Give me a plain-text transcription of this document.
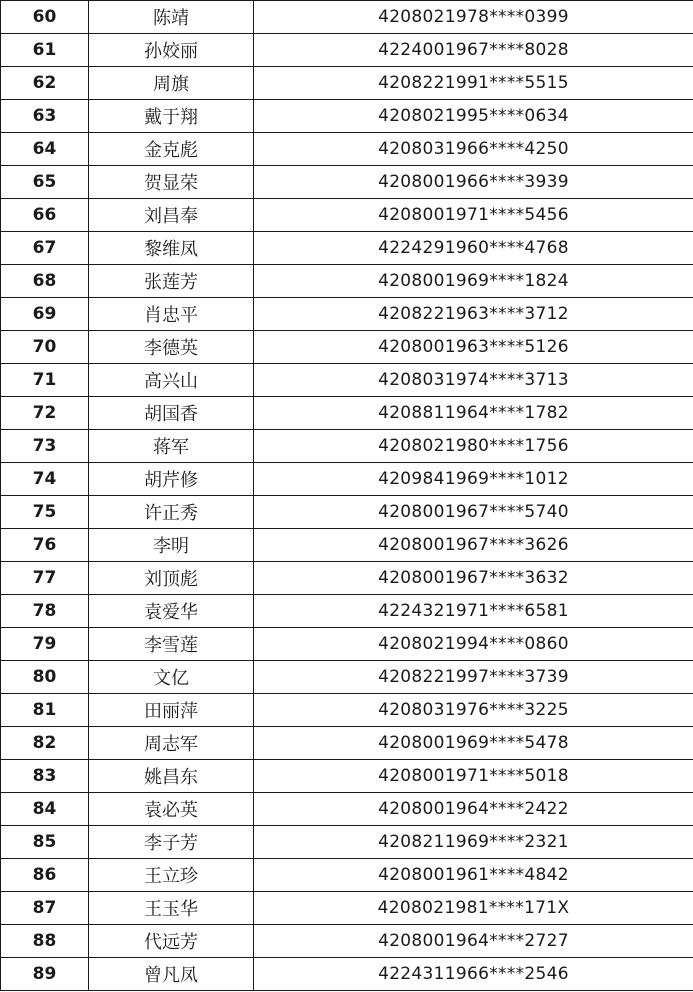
60	陈靖	4208021978****0399
61	孙姣丽	4224001967****8028
62	周旗	4208221991****5515
63	戴于翔	4208021995****0634
64	金克彪	4208031966****4250
65	贺显荣	4208001966****3939
66	刘昌奉	4208001971****5456
67	黎维凤	4224291960****4768
68	张莲芳	4208001969****1824
69	肖忠平	4208221963****3712
70	李德英	4208001963****5126
71	高兴山	4208031974****3713
72	胡国香	4208811964****1782
73	蒋军	4208021980****1756
74	胡芹修	4209841969****1012
75	许正秀	4208001967****5740
76	李明	4208001967****3626
77	刘顶彪	4208001967****3632
78	袁爱华	4224321971****6581
79	李雪莲	4208021994****0860
80	文亿	4208221997****3739
81	田丽萍	4208031976****3225
82	周志军	4208001969****5478
83	姚昌东	4208001971****5018
84	袁必英	4208001964****2422
85	李子芳	4208211969****2321
86	王立珍	4208001961****4842
87	王玉华	4208021981****171X
88	代远芳	4208001964****2727
89	曾凡凤	4224311966****2546
